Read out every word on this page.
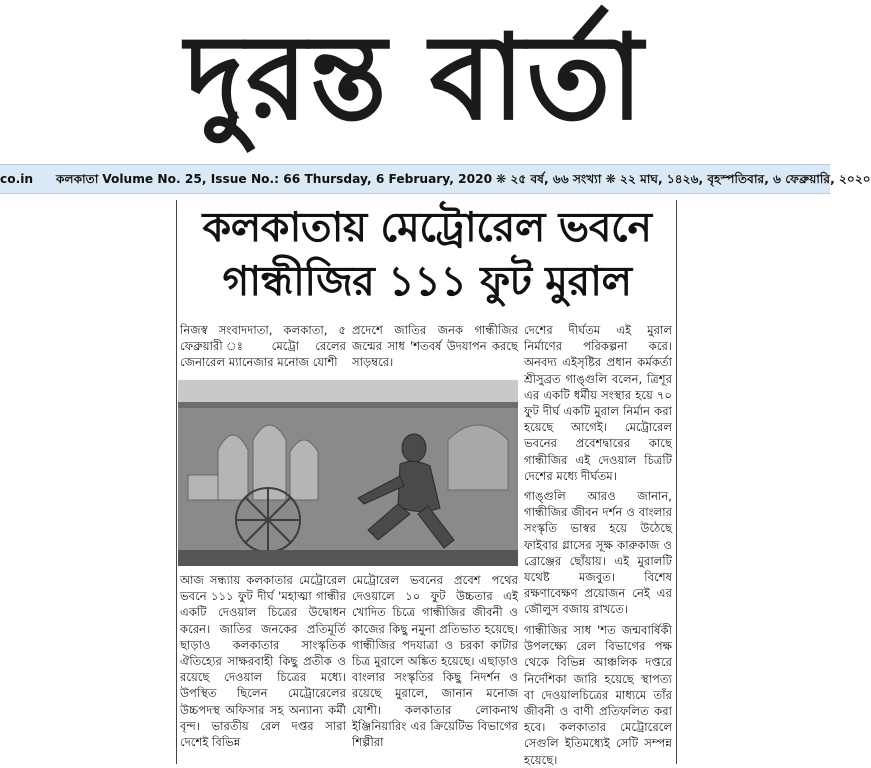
দুরন্ত বার্তা
co.in কলকাতা Volume No. 25, Issue No.: 66 Thursday, 6 February, 2020 ❋ ২৫ বর্ষ, ৬৬ সংখ্যা ❋ ২২ মাঘ, ১৪২৬, বৃহস্পতিবার, ৬ ফেব্রুয়ারি, ২০২০
কলকাতায় মেট্রোরেল ভবনে
গান্ধীজির ১১১ ফুট মুরাল
নিজস্ব সংবাদদাতা, কলকাতা, ৫ ফেব্রুয়ারী ঃ মেট্রো রেলের জেনারেল ম্যানেজার মনোজ যোশী
প্রদেশে জাতির জনক গান্ধীজির জন্মের সাধ 'শতবর্ষ উদযাপন করছে সাড়ম্বরে।
দেশের দীর্ঘতম এই মুরাল নির্মাণের পরিকল্পনা করে। অনবদ্য এইসৃষ্টির প্রধান কর্মকর্তা শ্রীসুব্রত গাঙ্গুলি বলেন, ত্রিশূর এর একটি ধর্মীয় সংস্থার হয়ে ৭০ ফুট দীর্ঘ একটি মুরাল নির্মান করা হয়েছে আগেই। মেট্রোরেল ভবনের প্রবেশদ্বারের কাছে গান্ধীজির এই দেওয়াল চিত্রটি দেশের মধ্যে দীর্ঘতম।
গাঙ্গুলি আরও জানান, গান্ধীজির জীবন দর্শন ও বাংলার সংস্কৃতি ভাস্বর হয়ে উঠেছে ফাইবার গ্লাসের সূক্ষ কারুকাজ ও ব্রোঞ্জের ছোঁয়ায়। এই মুরালটি যথেষ্ট মজবুত। বিশেষ রক্ষণাবেক্ষণ প্রয়োজন নেই এর জৌলুস বজায় রাখতে।
গান্ধীজির সাধ 'শত জন্মবার্ষিকী উপলক্ষ্যে রেল বিভাগের পক্ষ থেকে বিভিন্ন আঞ্চলিক দপ্তরে নির্দেশিকা জারি হয়েছে স্থাপত্য বা দেওয়ালচিত্রের মাধ্যমে তাঁর জীবনী ও বাণী প্রতিফলিত করা হবে। কলকাতার মেট্রোরেলে সেগুলি ইতিমধ্যেই সেটি সম্পন্ন হয়েছে।
আজ সন্ধ্যায় কলকাতার মেট্রোরেল ভবনে ১১১ ফুট দীর্ঘ 'মহাত্মা গান্ধীর একটি দেওয়াল চিত্রের উদ্বোধন করেন। জাতির জনকের প্রতিমূর্তি ছাড়াও কলকাতার সাংস্কৃতিক ঐতিহ্যের সাক্ষরবাহী কিছু প্রতীক ও রয়েছে দেওয়াল চিত্রের মধ্যে। উপস্থিত ছিলেন মেট্রোরেলের উচ্চপদস্থ অফিসার সহ অন্যান্য কর্মী বৃন্দ। ভারতীয় রেল দপ্তর সারা দেশেই বিভিন্ন
মেট্রোরেল ভবনের প্রবেশ পথের দেওয়ালে ১০ ফুট উচ্চতার এই খোদিত চিত্রে গান্ধীজির জীবনী ও কাজের কিছু নমুনা প্রতিভাত হয়েছে। গান্ধীজির পদযাত্রা ও চরকা কাটার চিত্র মুরালে অঙ্কিত হয়েছে। এছাড়াও বাংলার সংস্কৃতির কিছু নিদর্শন ও রয়েছে মুরালে, জানান মনোজ যোশী। কলকাতার লোকনাথ ইঞ্জিনিয়ারিং এর ক্রিয়েটিভ বিভাগের শিল্পীরা
